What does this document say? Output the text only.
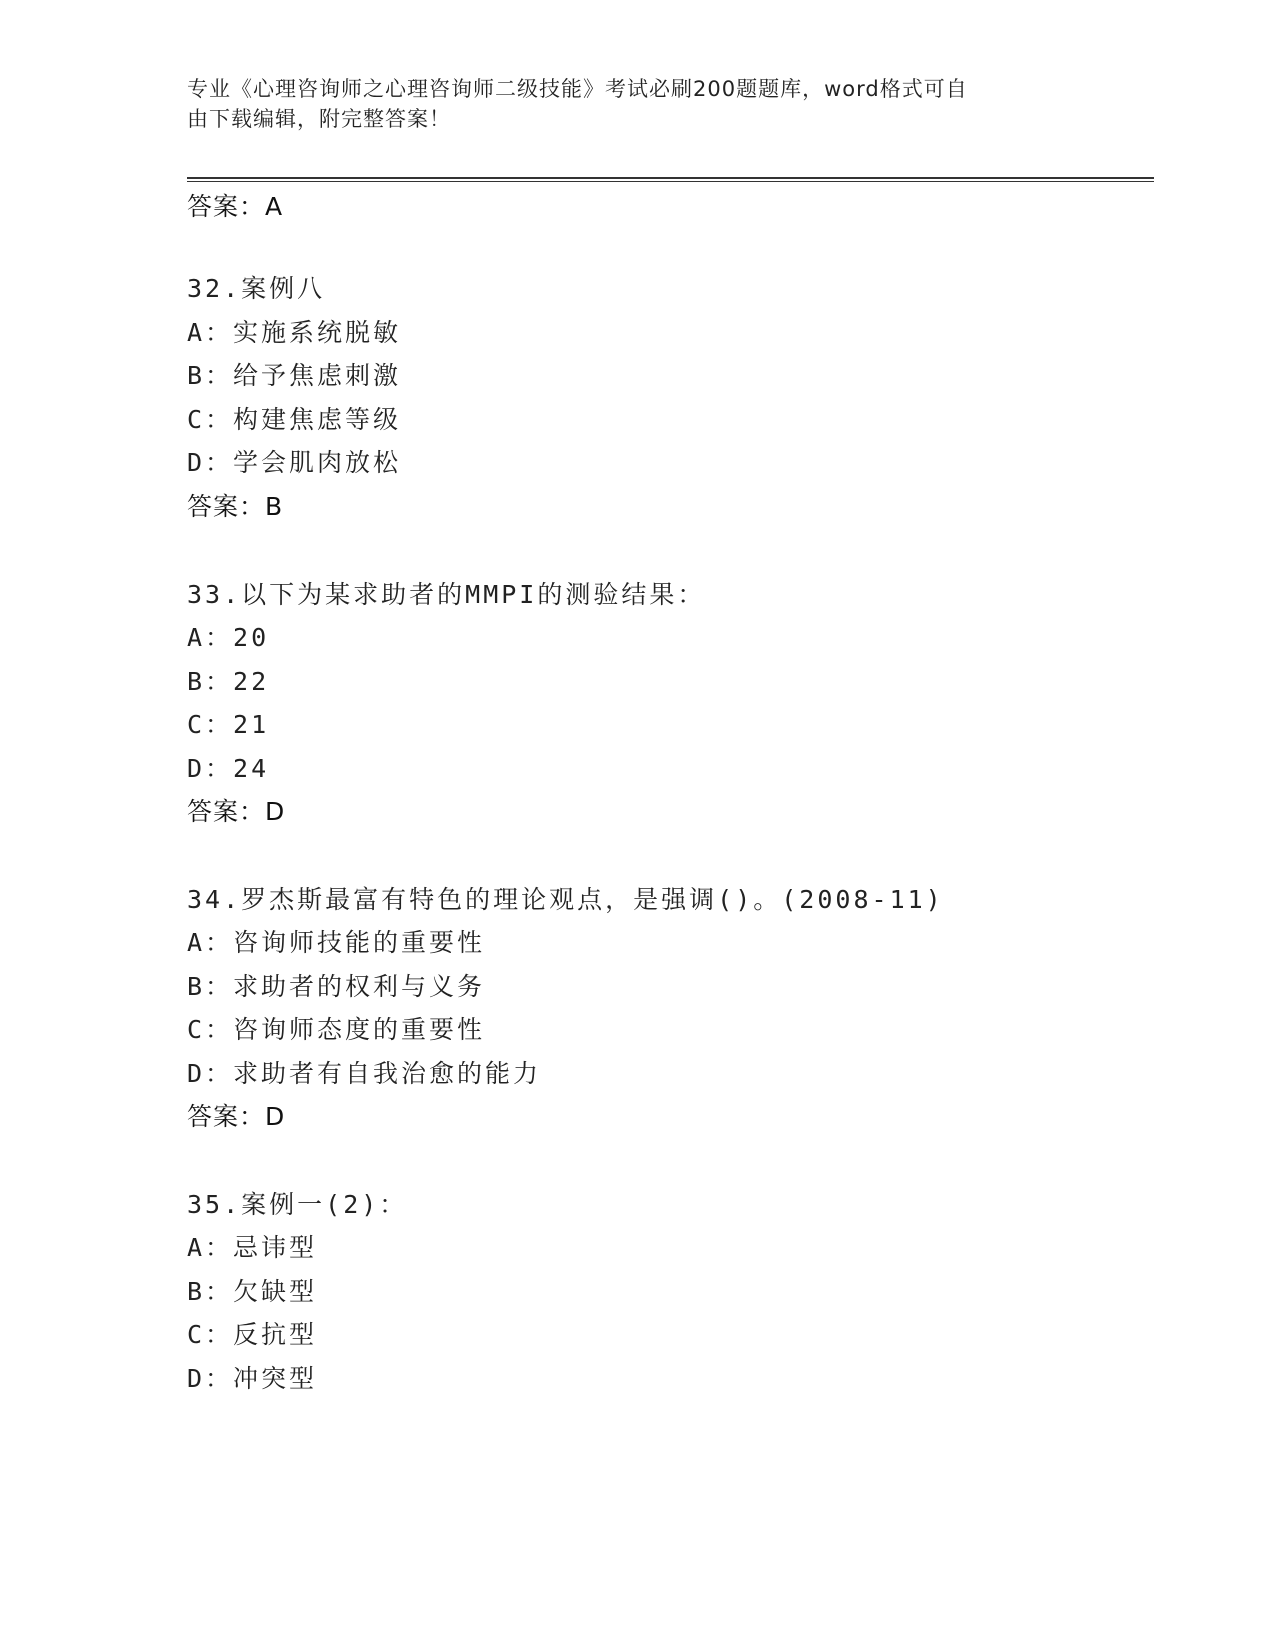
专业《心理咨询师之心理咨询师二级技能》考试必刷200题题库，word格式可自
由下载编辑，附完整答案！
答案：A
32.案例八
A：实施系统脱敏
B：给予焦虑刺激
C：构建焦虑等级
D：学会肌肉放松
答案：B
33.以下为某求助者的MMPI的测验结果：
A：20
B：22
C：21
D：24
答案：D
34.罗杰斯最富有特色的理论观点，是强调()。(2008-11)
A：咨询师技能的重要性
B：求助者的权利与义务
C：咨询师态度的重要性
D：求助者有自我治愈的能力
答案：D
35.案例一(2)：
A：忌讳型
B：欠缺型
C：反抗型
D：冲突型
